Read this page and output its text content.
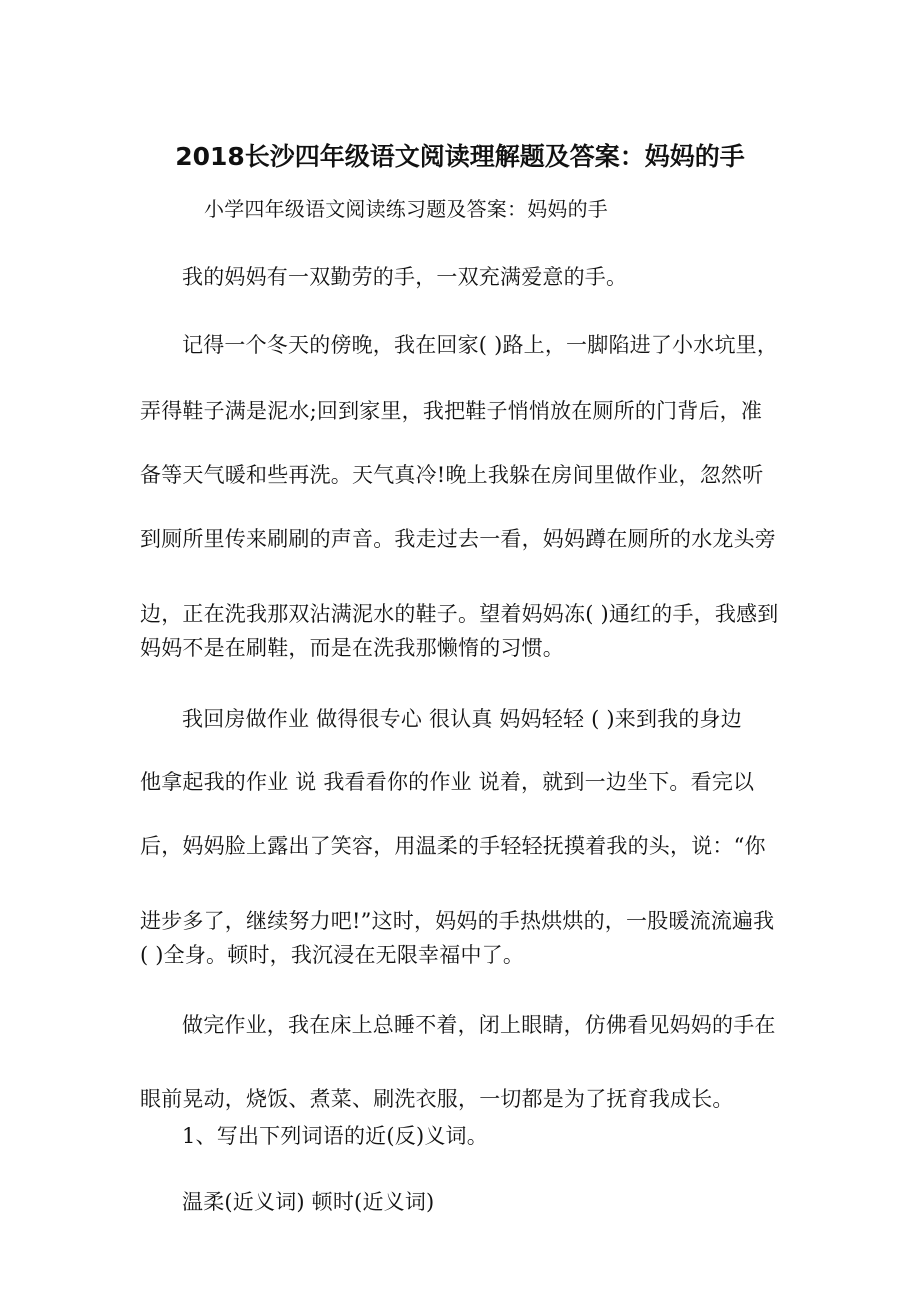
2018长沙四年级语文阅读理解题及答案：妈妈的手
小学四年级语文阅读练习题及答案：妈妈的手
我的妈妈有一双勤劳的手，一双充满爱意的手。
记得一个冬天的傍晚，我在回家( )路上，一脚陷进了小水坑里，
弄得鞋子满是泥水;回到家里，我把鞋子悄悄放在厕所的门背后，准
备等天气暖和些再洗。天气真冷!晚上我躲在房间里做作业，忽然听
到厕所里传来刷刷的声音。我走过去一看，妈妈蹲在厕所的水龙头旁
边，正在洗我那双沾满泥水的鞋子。望着妈妈冻( )通红的手，我感到
妈妈不是在刷鞋，而是在洗我那懒惰的习惯。
我回房做作业 做得很专心 很认真 妈妈轻轻 ( )来到我的身边
他拿起我的作业 说 我看看你的作业 说着，就到一边坐下。看完以
后，妈妈脸上露出了笑容，用温柔的手轻轻抚摸着我的头，说：“你
进步多了，继续努力吧!”这时，妈妈的手热烘烘的，一股暖流流遍我
( )全身。顿时，我沉浸在无限幸福中了。
做完作业，我在床上总睡不着，闭上眼睛，仿佛看见妈妈的手在
眼前晃动，烧饭、煮菜、刷洗衣服，一切都是为了抚育我成长。
1、写出下列词语的近(反)义词。
温柔(近义词) 顿时(近义词)
